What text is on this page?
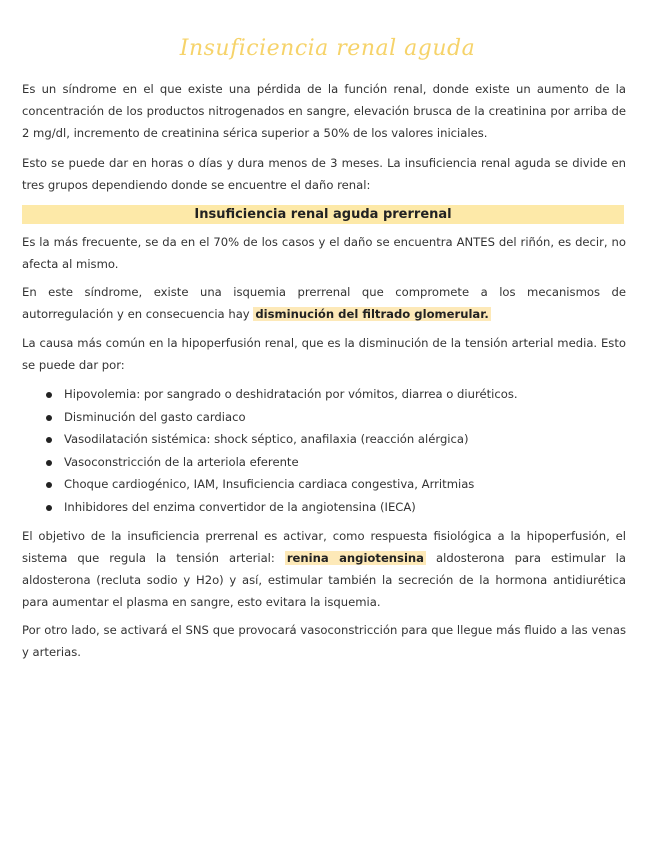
Insuficiencia renal aguda

Es un síndrome en el que existe una pérdida de la función renal, donde existe un aumento de la concentración de los productos nitrogenados en sangre, elevación brusca de la creatinina por arriba de 2 mg/dl, incremento de creatinina sérica superior a 50% de los valores iniciales.

Esto se puede dar en horas o días y dura menos de 3 meses. La insuficiencia renal aguda se divide en tres grupos dependiendo donde se encuentre el daño renal:

Insuficiencia renal aguda prerrenal

Es la más frecuente, se da en el 70% de los casos y el daño se encuentra ANTES del riñón, es decir, no afecta al mismo.

En este síndrome, existe una isquemia prerrenal que compromete a los mecanismos de autorregulación y en consecuencia hay disminución del filtrado glomerular.

La causa más común en la hipoperfusión renal, que es la disminución de la tensión arterial media. Esto se puede dar por:

Hipovolemia: por sangrado o deshidratación por vómitos, diarrea o diuréticos.
Disminución del gasto cardiaco
Vasodilatación sistémica: shock séptico, anafilaxia (reacción alérgica)
Vasoconstricción de la arteriola eferente
Choque cardiogénico, IAM, Insuficiencia cardiaca congestiva, Arritmias
Inhibidores del enzima convertidor de la angiotensina (IECA)

El objetivo de la insuficiencia prerrenal es activar, como respuesta fisiológica a la hipoperfusión, el sistema que regula la tensión arterial: renina angiotensina aldosterona para estimular la aldosterona (recluta sodio y H2o) y así, estimular también la secreción de la hormona antidiurética para aumentar el plasma en sangre, esto evitara la isquemia.

Por otro lado, se activará el SNS que provocará vasoconstricción para que llegue más fluido a las venas y arterias.
